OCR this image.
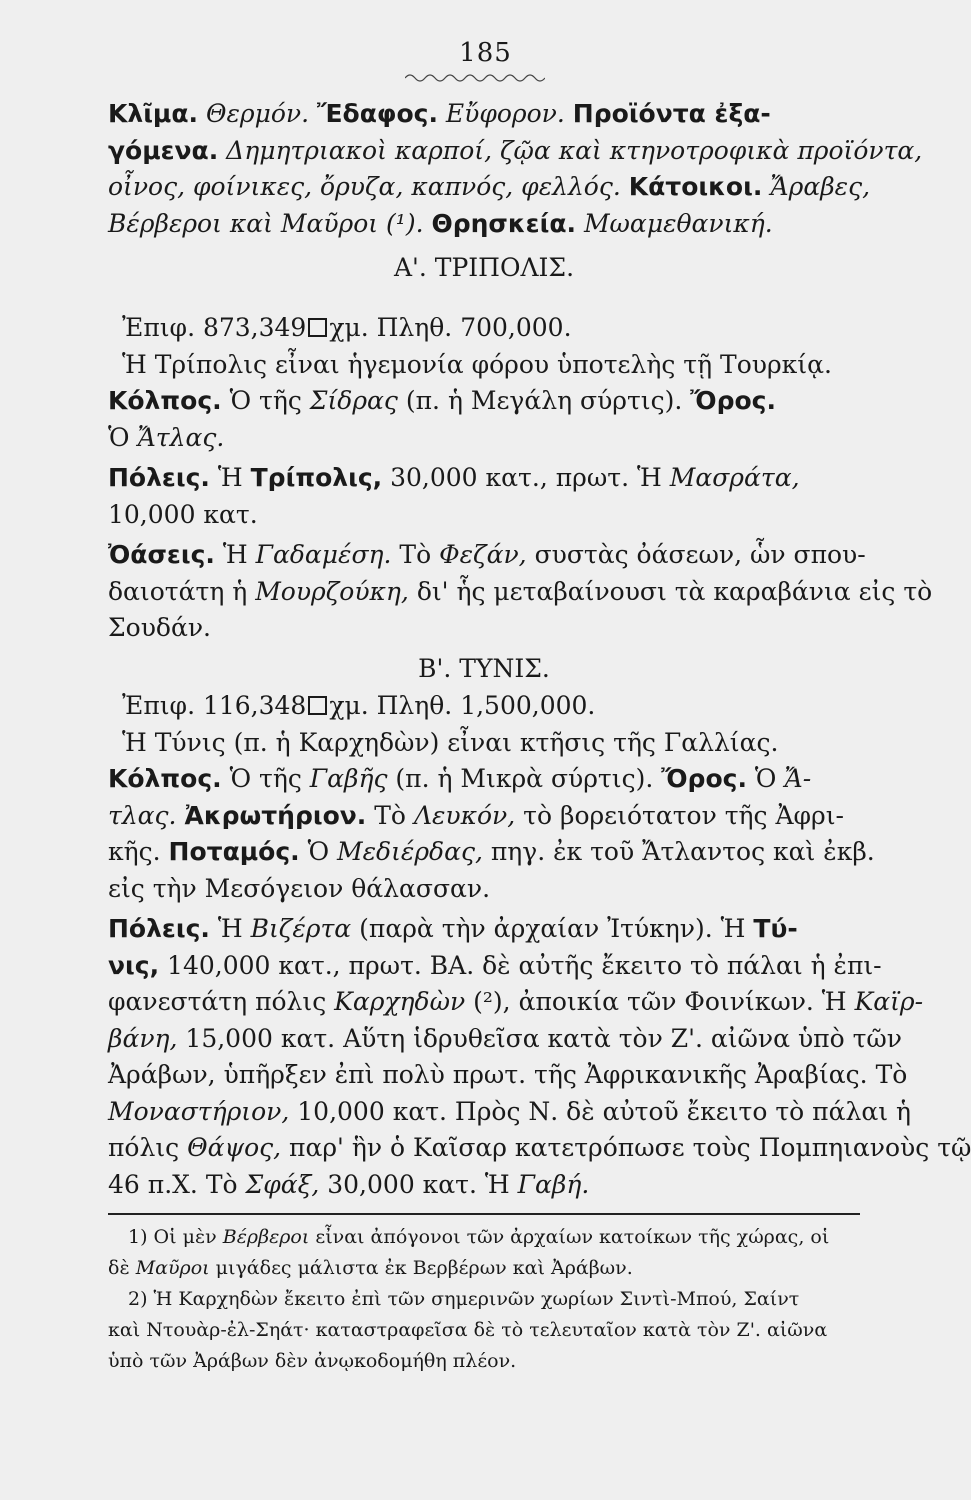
185
Κλῖμα. Θερμόν. Ἔδαφος. Εὔφορον. Προϊόντα ἐξα-
γόμενα. Δημητριακοὶ καρποί, ζῷα καὶ κτηνοτροφικὰ προϊόντα,
οἶνος, φοίνικες, ὄρυζα, καπνός, φελλός. Κάτοικοι. Ἄραβες,
Βέρβεροι καὶ Μαῦροι (¹). Θρησκεία. Μωαμεθανική.
Α'. ΤΡΙΠΟΛΙΣ.
Ἐπιφ. 873,349 χμ. Πληθ. 700,000.
Ἡ Τρίπολις εἶναι ἡγεμονία φόρου ὑποτελὴς τῇ Τουρκίᾳ.
Κόλπος. Ὁ τῆς Σίδρας (π. ἡ Μεγάλη σύρτις). Ὄρος.
Ὁ Ἄτλας.
Πόλεις. Ἡ Τρίπολις, 30,000 κατ., πρωτ. Ἡ Μασράτα,
10,000 κατ.
Ὀάσεις. Ἡ Γαδαμέση. Τὸ Φεζάν, συστὰς ὀάσεων, ὧν σπου-
δαιοτάτη ἡ Μουρζούκη, δι' ἧς μεταβαίνουσι τὰ καραβάνια εἰς τὸ
Σουδάν.
Β'. ΤΥΝΙΣ.
Ἐπιφ. 116,348 χμ. Πληθ. 1,500,000.
Ἡ Τύνις (π. ἡ Καρχηδὼν) εἶναι κτῆσις τῆς Γαλλίας.
Κόλπος. Ὁ τῆς Γαβῆς (π. ἡ Μικρὰ σύρτις). Ὄρος. Ὁ Ἄ-
τλας. Ἀκρωτήριον. Τὸ Λευκόν, τὸ βορειότατον τῆς Ἀφρι-
κῆς. Ποταμός. Ὁ Μεδιέρδας, πηγ. ἐκ τοῦ Ἄτλαντος καὶ ἐκβ.
εἰς τὴν Μεσόγειον θάλασσαν.
Πόλεις. Ἡ Βιζέρτα (παρὰ τὴν ἀρχαίαν Ἰτύκην). Ἡ Τύ-
νις, 140,000 κατ., πρωτ. ΒΑ. δὲ αὐτῆς ἔκειτο τὸ πάλαι ἡ ἐπι-
φανεστάτη πόλις Καρχηδὼν (²), ἀποικία τῶν Φοινίκων. Ἡ Καϊρ-
βάνη, 15,000 κατ. Αὕτη ἱδρυθεῖσα κατὰ τὸν Ζ'. αἰῶνα ὑπὸ τῶν
Ἀράβων, ὑπῆρξεν ἐπὶ πολὺ πρωτ. τῆς Ἀφρικανικῆς Ἀραβίας. Τὸ
Μοναστήριον, 10,000 κατ. Πρὸς Ν. δὲ αὐτοῦ ἔκειτο τὸ πάλαι ἡ
πόλις Θάψος, παρ' ἣν ὁ Καῖσαρ κατετρόπωσε τοὺς Πομπηιανοὺς τῷ
46 π.Χ. Τὸ Σφάξ, 30,000 κατ. Ἡ Γαβή.
1) Οἱ μὲν Βέρβεροι εἶναι ἀπόγονοι τῶν ἀρχαίων κατοίκων τῆς χώρας, οἱ
δὲ Μαῦροι μιγάδες μάλιστα ἐκ Βερβέρων καὶ Ἀράβων.
2) Ἡ Καρχηδὼν ἔκειτο ἐπὶ τῶν σημερινῶν χωρίων Σιντὶ-Μπού, Σαίντ
καὶ Ντουὰρ-ἐλ-Σηάτ· καταστραφεῖσα δὲ τὸ τελευταῖον κατὰ τὸν Ζ'. αἰῶνα
ὑπὸ τῶν Ἀράβων δὲν ἀνῳκοδομήθη πλέον.
